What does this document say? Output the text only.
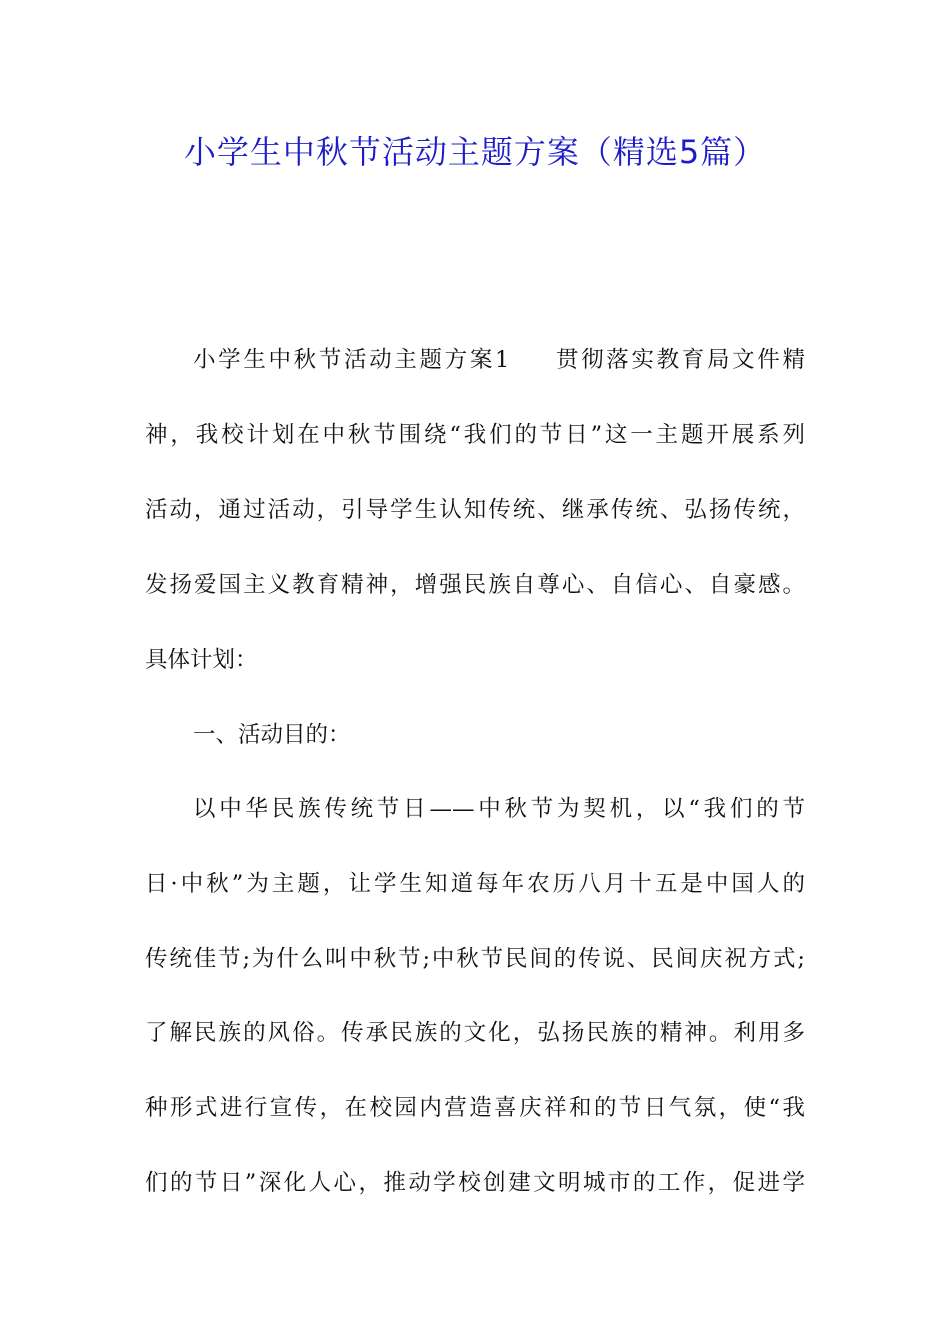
小学生中秋节活动主题方案（精选5篇）
小学生中秋节活动主题方案1 贯彻落实教育局文件精
神，我校计划在中秋节围绕“我们的节日”这一主题开展系列
活动，通过活动，引导学生认知传统、继承传统、弘扬传统，
发扬爱国主义教育精神，增强民族自尊心、自信心、自豪感。
具体计划：
一、活动目的：
以中华民族传统节日——中秋节为契机，以“我们的节
日·中秋”为主题，让学生知道每年农历八月十五是中国人的
传统佳节;为什么叫中秋节;中秋节民间的传说、民间庆祝方式;
了解民族的风俗。传承民族的文化，弘扬民族的精神。利用多
种形式进行宣传，在校园内营造喜庆祥和的节日气氛，使“我
们的节日”深化人心，推动学校创建文明城市的工作，促进学
